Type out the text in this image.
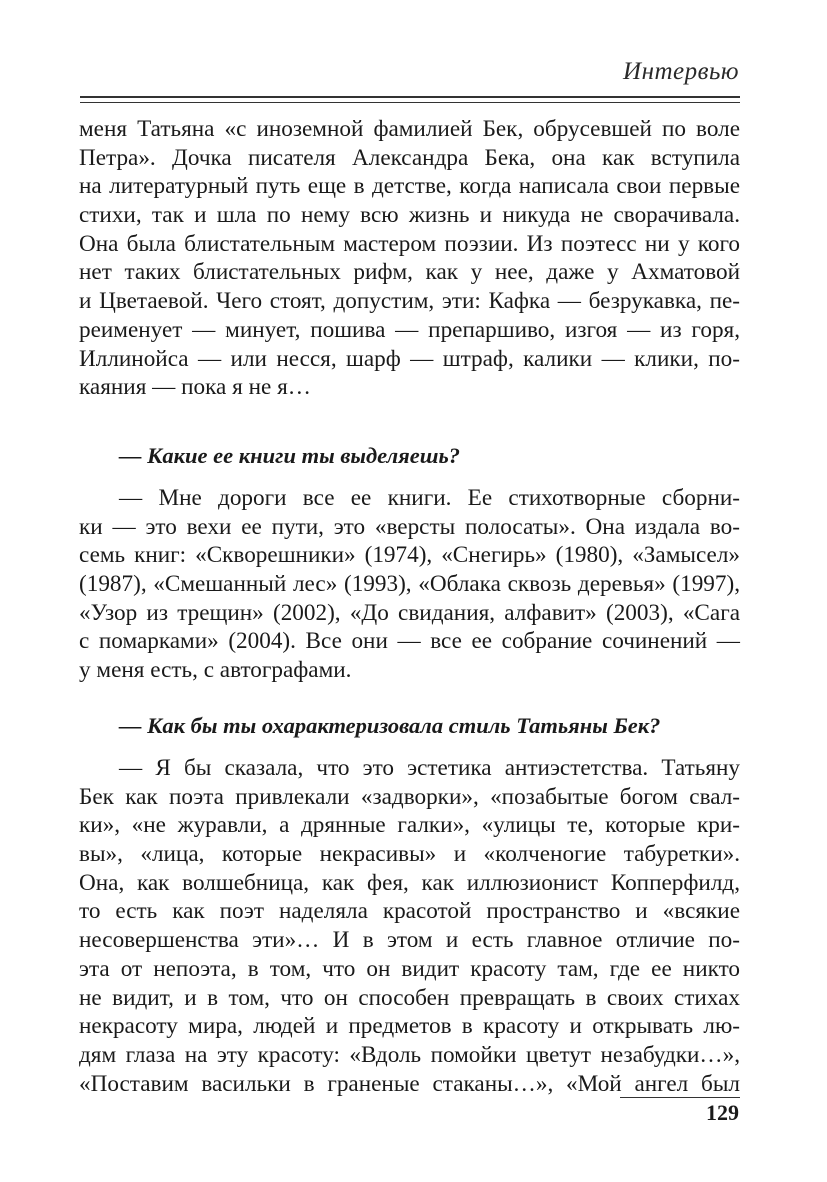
Интервью
меня Татьяна «с иноземной фамилией Бек, обрусевшей по воле
Петра». Дочка писателя Александра Бека, она как вступила
на литературный путь еще в детстве, когда написала свои первые
стихи, так и шла по нему всю жизнь и никуда не сворачивала.
Она была блистательным мастером поэзии. Из поэтесс ни у кого
нет таких блистательных рифм, как у нее, даже у Ахматовой
и Цветаевой. Чего стоят, допустим, эти: Кафка — безрукавка, пе-
реименует — минует, пошива — препаршиво, изгоя — из горя,
Иллинойса — или несся, шарф — штраф, калики — клики, по-
каяния — пока я не я…
— Какие ее книги ты выделяешь?
— Мне дороги все ее книги. Ее стихотворные сборни-
ки — это вехи ее пути, это «версты полосаты». Она издала во-
семь книг: «Скворешники» (1974), «Снегирь» (1980), «Замысел»
(1987), «Смешанный лес» (1993), «Облака сквозь деревья» (1997),
«Узор из трещин» (2002), «До свидания, алфавит» (2003), «Сага
с помарками» (2004). Все они — все ее собрание сочинений —
у меня есть, с автографами.
— Как бы ты охарактеризовала стиль Татьяны Бек?
— Я бы сказала, что это эстетика антиэстетства. Татьяну
Бек как поэта привлекали «задворки», «позабытые богом свал-
ки», «не журавли, а дрянные галки», «улицы те, которые кри-
вы», «лица, которые некрасивы» и «колченогие табуретки».
Она, как волшебница, как фея, как иллюзионист Копперфилд,
то есть как поэт наделяла красотой пространство и «всякие
несовершенства эти»… И в этом и есть главное отличие по-
эта от непоэта, в том, что он видит красоту там, где ее никто
не видит, и в том, что он способен превращать в своих стихах
некрасоту мира, людей и предметов в красоту и открывать лю-
дям глаза на эту красоту: «Вдоль помойки цветут незабудки…»,
«Поставим васильки в граненые стаканы…», «Мой ангел был
129
